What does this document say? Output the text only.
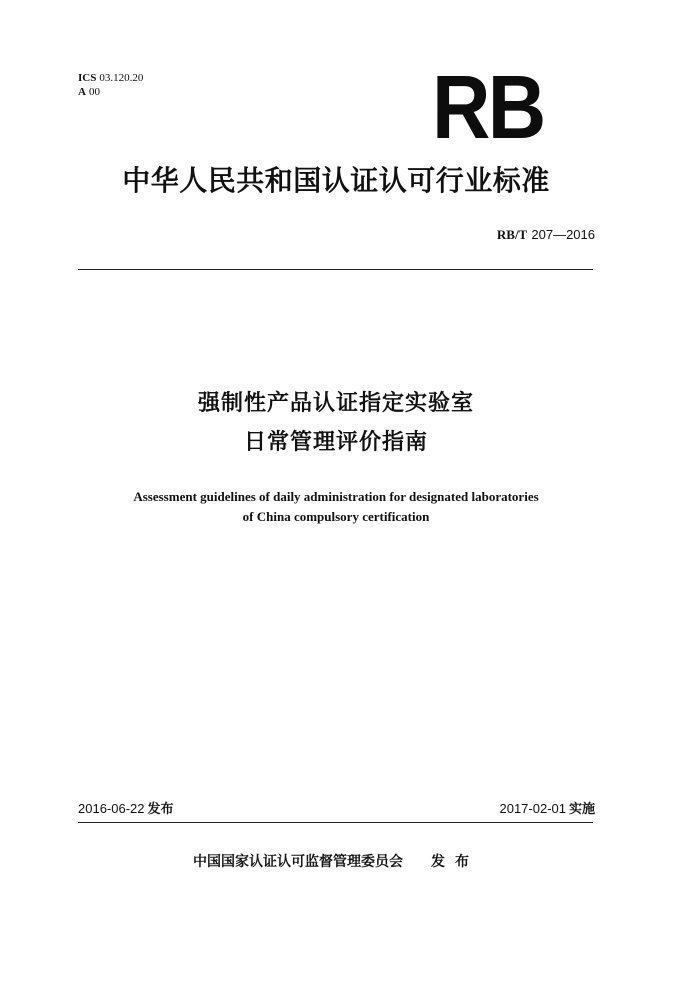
ICS 03.120.20
A 00	RB
中华人民共和国认证认可行业标准
RB/T 207—2016
强制性产品认证指定实验室
日常管理评价指南
Assessment guidelines of daily administration for designated laboratories
of China compulsory certification
2016-06-22 发布	2017-02-01 实施
中国国家认证认可监督管理委员会 发布
